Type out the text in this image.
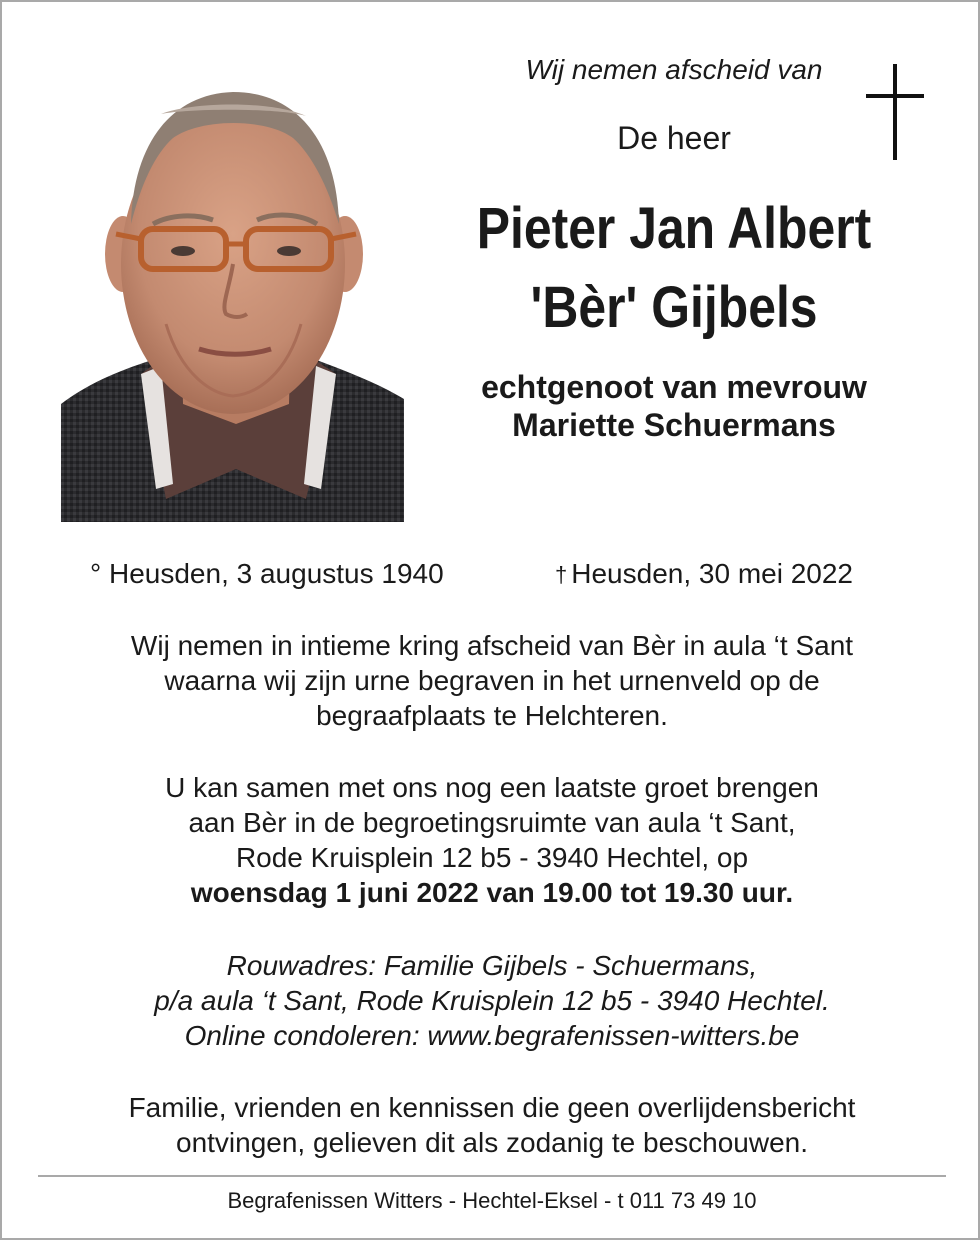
Wij nemen afscheid van
De heer
Pieter Jan Albert
'Bèr' Gijbels
echtgenoot van mevrouw
Mariette Schuermans
° Heusden, 3 augustus 1940	† Heusden, 30 mei 2022
Wij nemen in intieme kring afscheid van Bèr in aula ‘t Sant
waarna wij zijn urne begraven in het urnenveld op de
begraafplaats te Helchteren.
U kan samen met ons nog een laatste groet brengen
aan Bèr in de begroetingsruimte van aula ‘t Sant,
Rode Kruisplein 12 b5 - 3940 Hechtel, op
woensdag 1 juni 2022 van 19.00 tot 19.30 uur.
Rouwadres: Familie Gijbels - Schuermans,
p/a aula ‘t Sant, Rode Kruisplein 12 b5 - 3940 Hechtel.
Online condoleren: www.begrafenissen-witters.be
Familie, vrienden en kennissen die geen overlijdensbericht
ontvingen, gelieven dit als zodanig te beschouwen.
Begrafenissen Witters - Hechtel-Eksel - t 011 73 49 10
